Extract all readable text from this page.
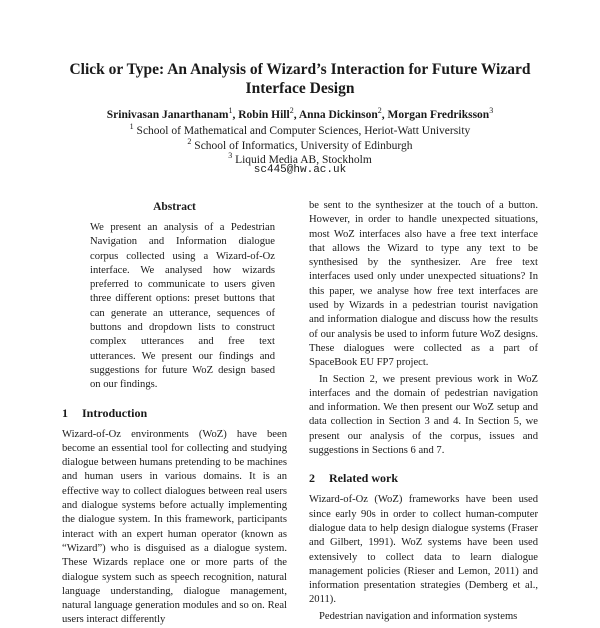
Click or Type: An Analysis of Wizard’s Interaction for Future Wizard Interface Design
Srinivasan Janarthanam$^1$, Robin Hill$^2$, Anna Dickinson$^2$, Morgan Fredriksson$^3$
$^1$ School of Mathematical and Computer Sciences, Heriot-Watt University
$^2$ School of Informatics, University of Edinburgh
$^3$ Liquid Media AB, Stockholm
sc445@hw.ac.uk
Abstract

We present an analysis of a Pedestrian Navigation and Information dialogue corpus collected using a Wizard-of-Oz interface. We analysed how wizards preferred to communicate to users given three different options: preset buttons that can generate an utterance, sequences of buttons and dropdown lists to construct complex utterances and free text utterances. We present our findings and suggestions for future WoZ design based on our findings.

1 Introduction

Wizard-of-Oz environments (WoZ) have been become an essential tool for collecting and studying dialogue between humans pretending to be machines and human users in various domains. It is an effective way to collect dialogues between real users and dialogue systems before actually implementing the dialogue system. In this framework, participants interact with an expert human operator (known as “Wizard”) who is disguised as a dialogue system. These Wizards replace one or more parts of the dialogue system such as speech recognition, natural language understanding, dialogue management, natural language generation modules and so on. Real users interact differently

be sent to the synthesizer at the touch of a button. However, in order to handle unexpected situations, most WoZ interfaces also have a free text interface that allows the Wizard to type any text to be synthesised by the synthesizer. Are free text interfaces used only under unexpected situations? In this paper, we analyse how free text interfaces are used by Wizards in a pedestrian tourist navigation and information dialogue and discuss how the results of our analysis be used to inform future WoZ designs. These dialogues were collected as a part of SpaceBook EU FP7 project.

In Section 2, we present previous work in WoZ interfaces and the domain of pedestrian navigation and information. We then present our WoZ setup and data collection in Section 3 and 4. In Section 5, we present our analysis of the corpus, issues and suggestions in Sections 6 and 7.

2 Related work

Wizard-of-Oz (WoZ) frameworks have been used since early 90s in order to collect human-computer dialogue data to help design dialogue systems (Fraser and Gilbert, 1991). WoZ systems have been used extensively to collect data to learn dialogue management policies (Rieser and Lemon, 2011) and information presentation strategies (Demberg et al., 2011).

Pedestrian navigation and information systems
